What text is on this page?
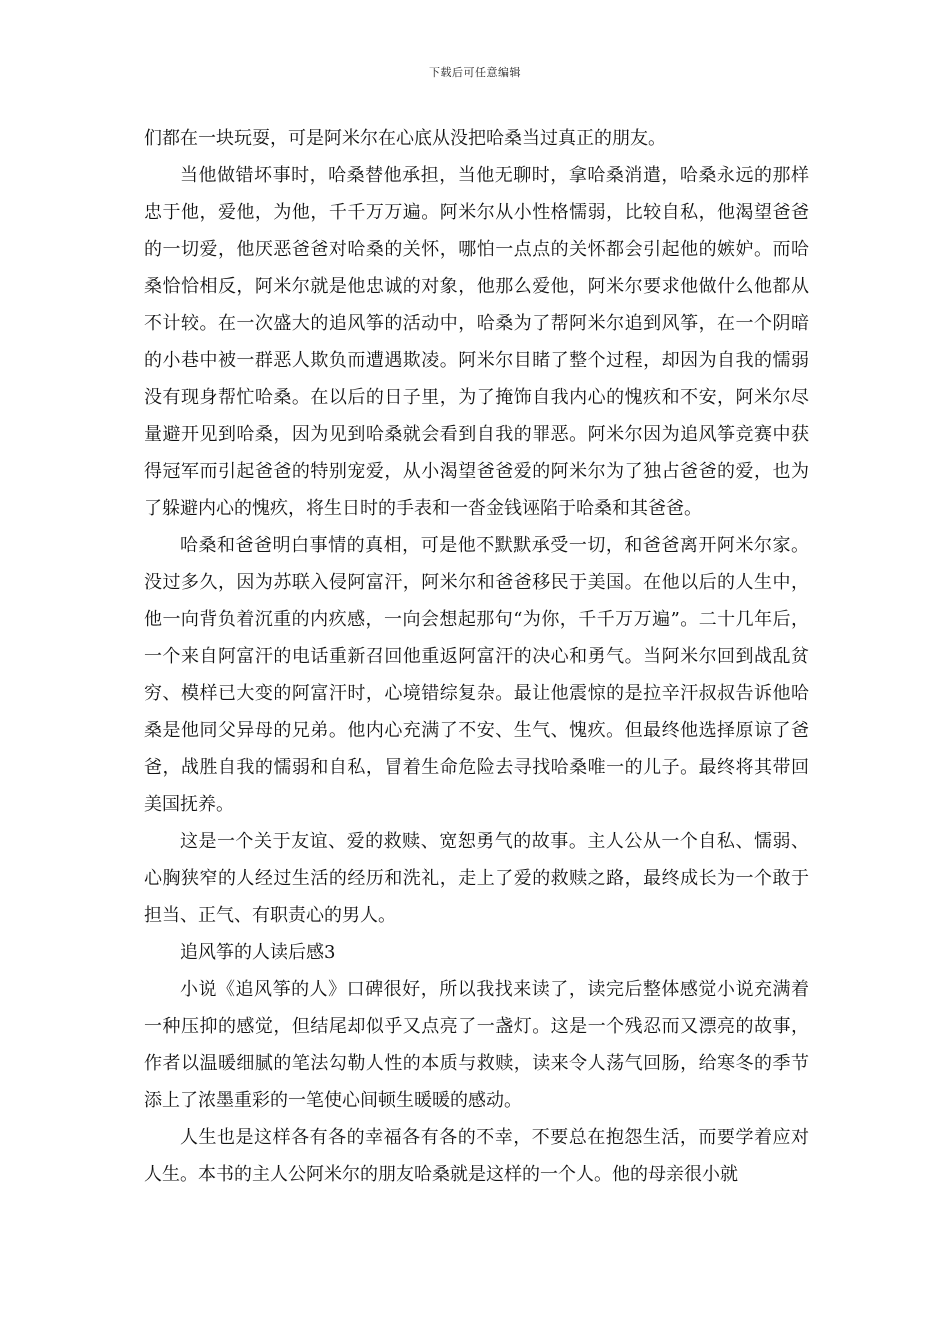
下载后可任意编辑

们都在一块玩耍，可是阿米尔在心底从没把哈桑当过真正的朋友。

当他做错坏事时，哈桑替他承担，当他无聊时，拿哈桑消遣，哈桑永远的那样忠于他，爱他，为他，千千万万遍。阿米尔从小性格懦弱，比较自私，他渴望爸爸的一切爱，他厌恶爸爸对哈桑的关怀，哪怕一点点的关怀都会引起他的嫉妒。而哈桑恰恰相反，阿米尔就是他忠诚的对象，他那么爱他，阿米尔要求他做什么他都从不计较。在一次盛大的追风筝的活动中，哈桑为了帮阿米尔追到风筝，在一个阴暗的小巷中被一群恶人欺负而遭遇欺凌。阿米尔目睹了整个过程，却因为自我的懦弱没有现身帮忙哈桑。在以后的日子里，为了掩饰自我内心的愧疚和不安，阿米尔尽量避开见到哈桑，因为见到哈桑就会看到自我的罪恶。阿米尔因为追风筝竞赛中获得冠军而引起爸爸的特别宠爱，从小渴望爸爸爱的阿米尔为了独占爸爸的爱，也为了躲避内心的愧疚，将生日时的手表和一沓金钱诬陷于哈桑和其爸爸。

哈桑和爸爸明白事情的真相，可是他不默默承受一切，和爸爸离开阿米尔家。没过多久，因为苏联入侵阿富汗，阿米尔和爸爸移民于美国。在他以后的人生中，他一向背负着沉重的内疚感，一向会想起那句“为你，千千万万遍”。二十几年后，一个来自阿富汗的电话重新召回他重返阿富汗的决心和勇气。当阿米尔回到战乱贫穷、模样已大变的阿富汗时，心境错综复杂。最让他震惊的是拉辛汗叔叔告诉他哈桑是他同父异母的兄弟。他内心充满了不安、生气、愧疚。但最终他选择原谅了爸爸，战胜自我的懦弱和自私，冒着生命危险去寻找哈桑唯一的儿子。最终将其带回美国抚养。

这是一个关于友谊、爱的救赎、宽恕勇气的故事。主人公从一个自私、懦弱、心胸狭窄的人经过生活的经历和洗礼，走上了爱的救赎之路，最终成长为一个敢于担当、正气、有职责心的男人。

追风筝的人读后感3

小说《追风筝的人》口碑很好，所以我找来读了，读完后整体感觉小说充满着一种压抑的感觉，但结尾却似乎又点亮了一盏灯。这是一个残忍而又漂亮的故事，作者以温暖细腻的笔法勾勒人性的本质与救赎，读来令人荡气回肠，给寒冬的季节添上了浓墨重彩的一笔使心间顿生暖暖的感动。

人生也是这样各有各的幸福各有各的不幸，不要总在抱怨生活，而要学着应对人生。本书的主人公阿米尔的朋友哈桑就是这样的一个人。他的母亲很小就
